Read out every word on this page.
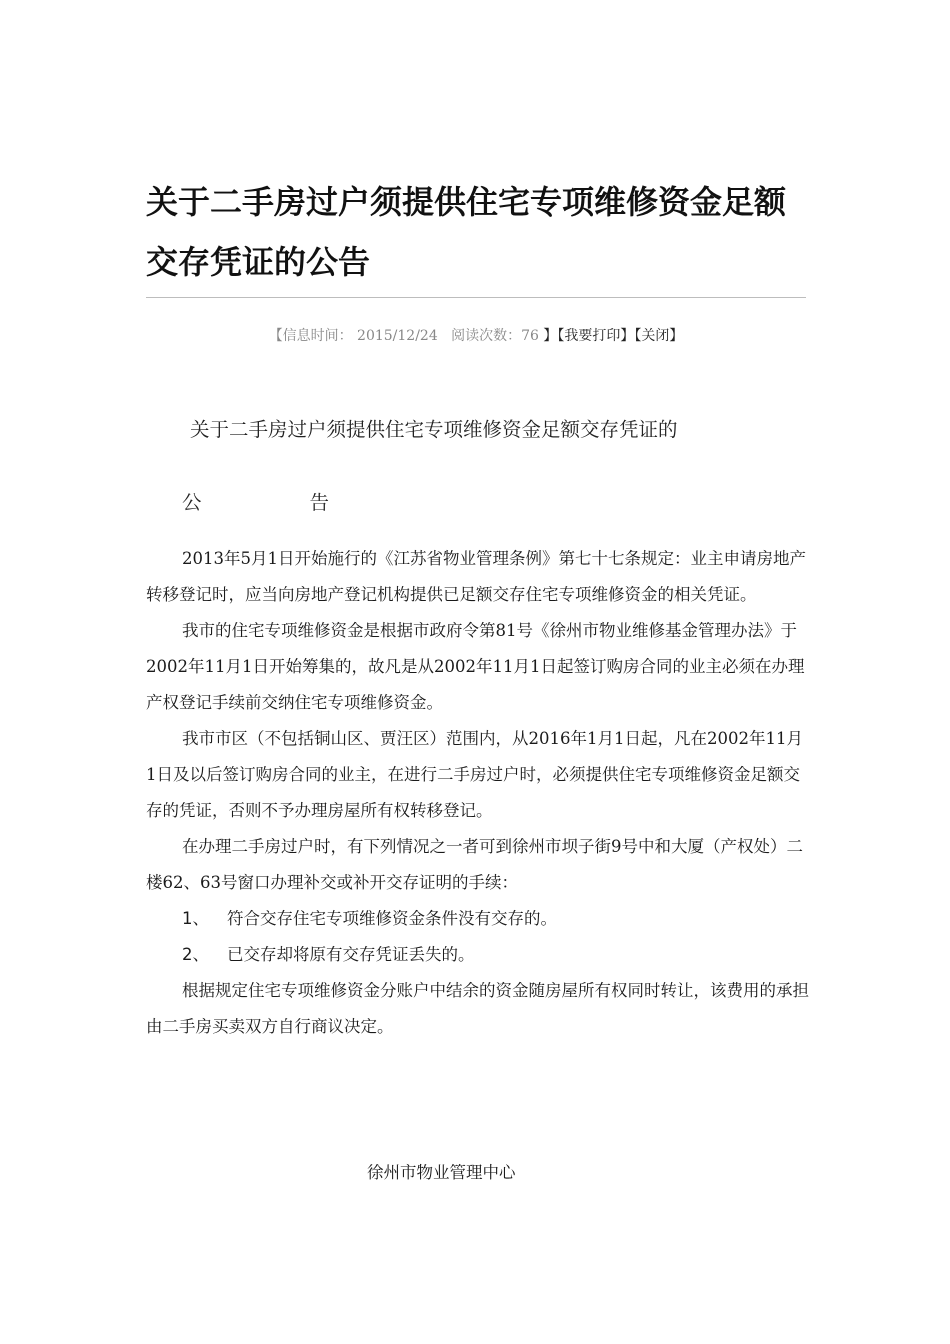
关于二手房过户须提供住宅专项维修资金足额
交存凭证的公告
【信息时间： 2015/12/24 阅读次数：76 】【我要打印】【关闭】
关于二手房过户须提供住宅专项维修资金足额交存凭证的
公	告

2013年5月1日开始施行的《江苏省物业管理条例》第七十七条规定：业主申请房地产转移登记时，应当向房地产登记机构提供已足额交存住宅专项维修资金的相关凭证。

我市的住宅专项维修资金是根据市政府令第81号《徐州市物业维修基金管理办法》于2002年11月1日开始筹集的，故凡是从2002年11月1日起签订购房合同的业主必须在办理产权登记手续前交纳住宅专项维修资金。

我市市区（不包括铜山区、贾汪区）范围内，从2016年1月1日起，凡在2002年11月1日及以后签订购房合同的业主，在进行二手房过户时，必须提供住宅专项维修资金足额交存的凭证，否则不予办理房屋所有权转移登记。

在办理二手房过户时，有下列情况之一者可到徐州市坝子街9号中和大厦（产权处）二楼62、63号窗口办理补交或补开交存证明的手续：

1、 符合交存住宅专项维修资金条件没有交存的。

2、 已交存却将原有交存凭证丢失的。

根据规定住宅专项维修资金分账户中结余的资金随房屋所有权同时转让，该费用的承担由二手房买卖双方自行商议决定。

徐州市物业管理中心
